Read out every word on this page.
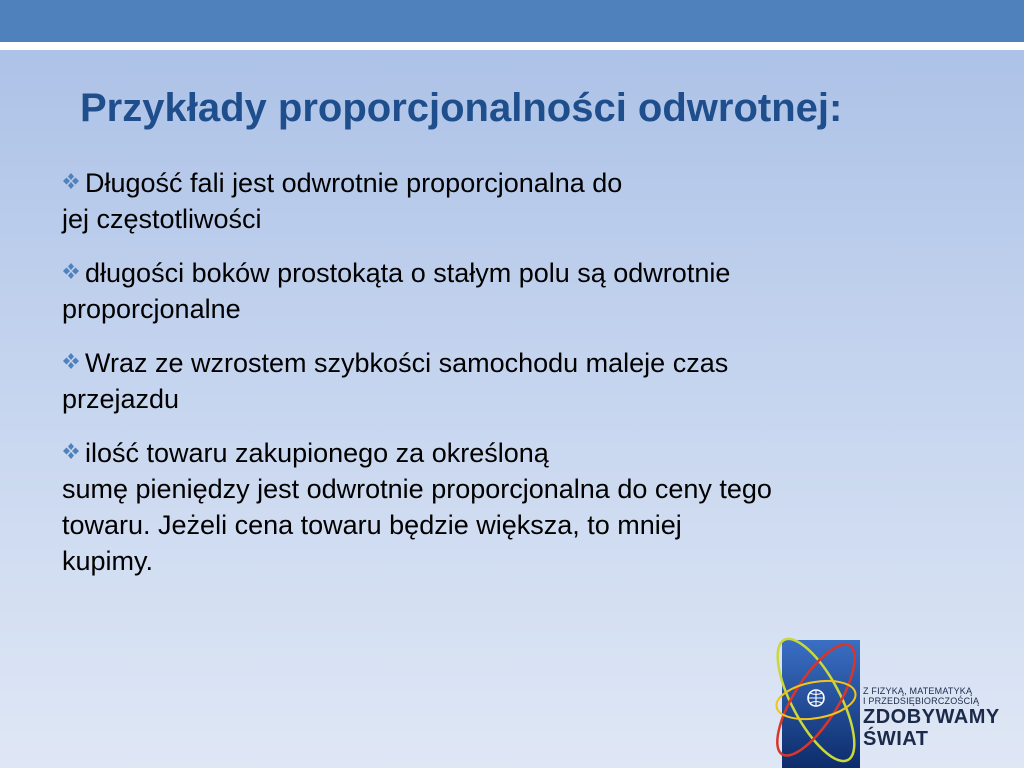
Przykłady proporcjonalności odwrotnej:
Długość fali jest odwrotnie proporcjonalna do
jej częstotliwości
długości boków prostokąta o stałym polu są odwrotnie
proporcjonalne
Wraz ze wzrostem szybkości samochodu maleje czas
przejazdu
ilość towaru zakupionego za określoną
sumę pieniędzy jest odwrotnie proporcjonalna do ceny tego
towaru. Jeżeli cena towaru będzie większa, to mniej
kupimy.
Z FIZYKĄ, MATEMATYKĄ
I PRZEDSIĘBIORCZOŚCIĄ
ZDOBYWAMY
ŚWIAT
